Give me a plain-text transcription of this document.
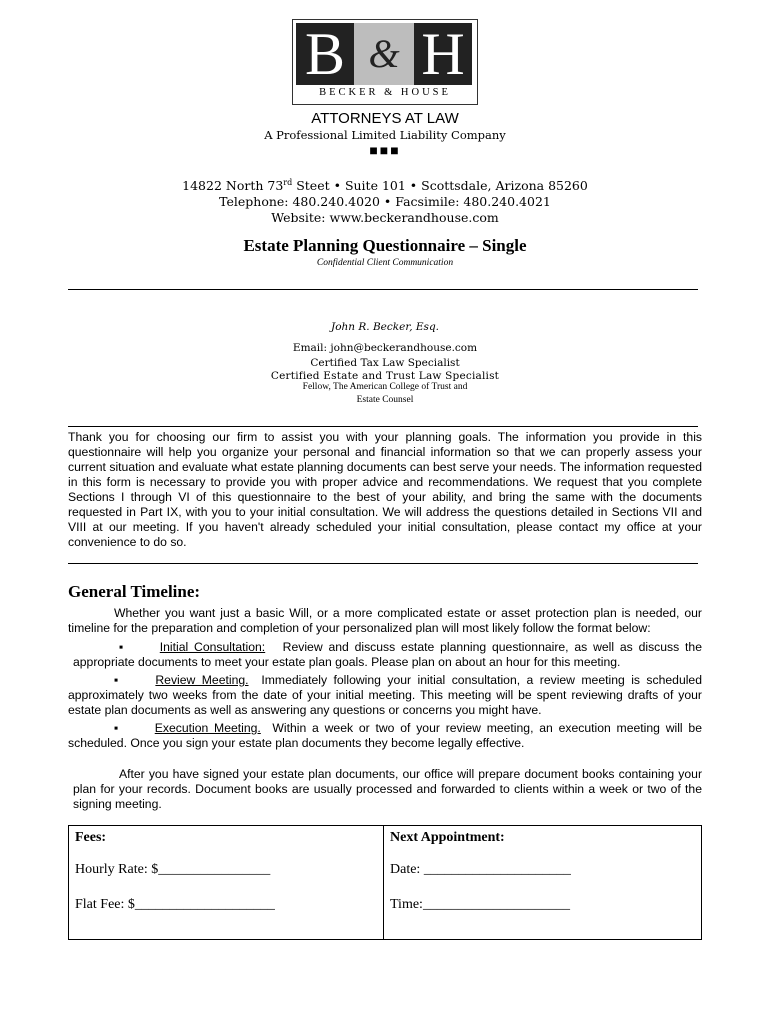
B & H
BECKER & HOUSE
ATTORNEYS AT LAW
A Professional Limited Liability Company
■■■
14822 North 73rd Steet • Suite 101 • Scottsdale, Arizona 85260
Telephone: 480.240.4020 • Facsimile: 480.240.4021
Website: www.beckerandhouse.com
Estate Planning Questionnaire – Single
Confidential Client Communication
John R. Becker, Esq.
Email: john@beckerandhouse.com
Certified Tax Law Specialist
Certified Estate and Trust Law Specialist
Fellow, The American College of Trust and
Estate Counsel
Thank you for choosing our firm to assist you with your planning goals. The information you provide in this questionnaire will help you organize your personal and financial information so that we can properly assess your current situation and evaluate what estate planning documents can best serve your needs. The information requested in this form is necessary to provide you with proper advice and recommendations. We request that you complete Sections I through VI of this questionnaire to the best of your ability, and bring the same with the documents requested in Part IX, with you to your initial consultation. We will address the questions detailed in Sections VII and VIII at our meeting. If you haven't already scheduled your initial consultation, please contact my office at your convenience to do so.
General Timeline:
Whether you want just a basic Will, or a more complicated estate or asset protection plan is needed, our timeline for the preparation and completion of your personalized plan will most likely follow the format below:
▪	Initial Consultation: Review and discuss estate planning questionnaire, as well as discuss the appropriate documents to meet your estate plan goals. Please plan on about an hour for this meeting.
▪	Review Meeting. Immediately following your initial consultation, a review meeting is scheduled approximately two weeks from the date of your initial meeting. This meeting will be spent reviewing drafts of your estate plan documents as well as answering any questions or concerns you might have.
▪	Execution Meeting. Within a week or two of your review meeting, an execution meeting will be scheduled. Once you sign your estate plan documents they become legally effective.
After you have signed your estate plan documents, our office will prepare document books containing your plan for your records. Document books are usually processed and forwarded to clients within a week or two of the signing meeting.
Fees:
Hourly Rate: $________________
Flat Fee: $____________________
Next Appointment:
Date: _____________________
Time:_____________________
